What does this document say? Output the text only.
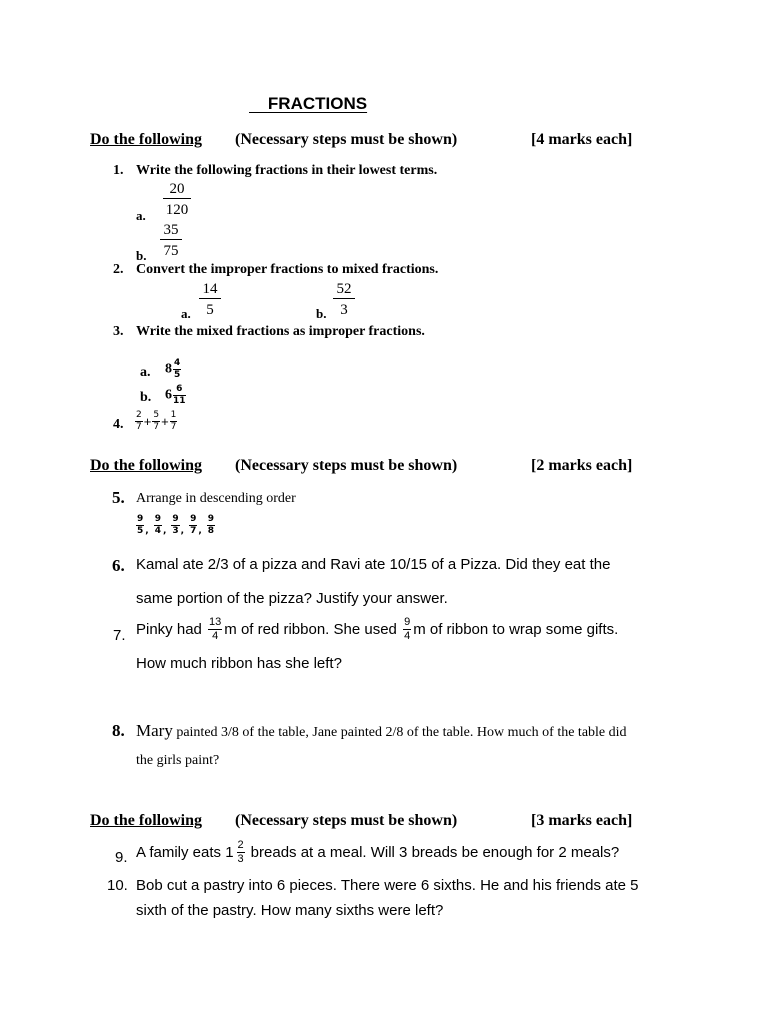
FRACTIONS
Do the following (Necessary steps must be shown)	[4 marks each]
1. Write the following fractions in their lowest terms.
a. $\frac{20}{120}$
b. $\frac{35}{75}$
2. Convert the improper fractions to mixed fractions.
a. $\frac{14}{5}$	b. $\frac{52}{3}$
3. Write the mixed fractions as improper fractions.
a. $8 \frac{4}{5}$
b. $6 \frac{6}{11}$
4. $\frac{2}{7} + \frac{5}{7} + \frac{1}{7}$
Do the following (Necessary steps must be shown)	[2 marks each]
5. Arrange in descending order
$\frac{9}{5}$ , $\frac{9}{4}$ , $\frac{9}{3}$ , $\frac{9}{7}$ , $\frac{9}{8}$
6. Kamal ate 2/3 of a pizza and Ravi ate 10/15 of a Pizza. Did they eat the
same portion of the pizza? Justify your answer.
7. Pinky had $\frac{13}{4}$ m of red ribbon. She used $\frac{9}{4}$ m of ribbon to wrap some gifts.
How much ribbon has she left?
8. Mary painted 3/8 of the table, Jane painted 2/8 of the table. How much of the table did
the girls paint?
Do the following (Necessary steps must be shown)	[3 marks each]
9. A family eats $1 \frac{2}{3}$ breads at a meal. Will 3 breads be enough for 2 meals?
10. Bob cut a pastry into 6 pieces. There were 6 sixths. He and his friends ate 5
sixth of the pastry. How many sixths were left?
